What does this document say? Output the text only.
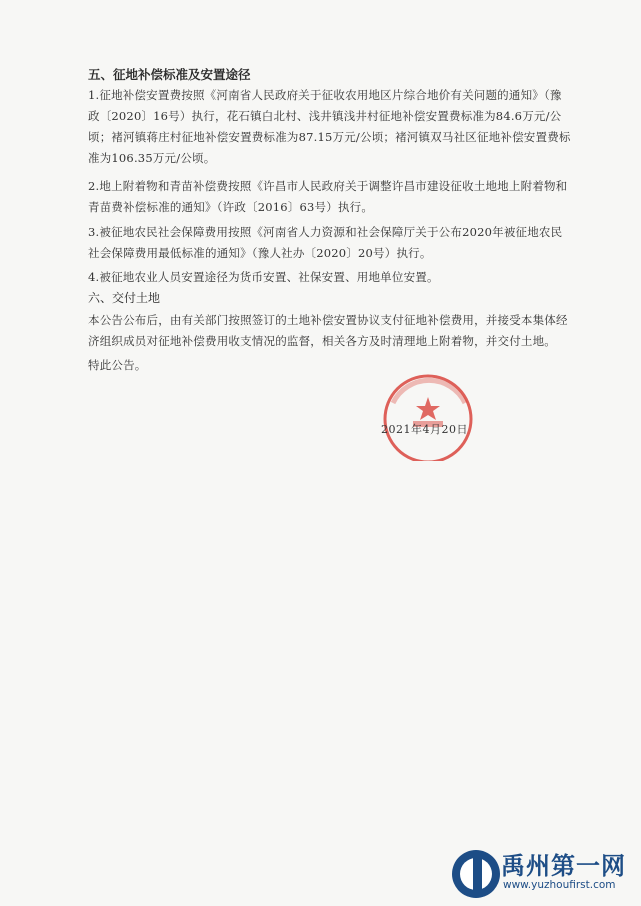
五、征地补偿标准及安置途径
1.征地补偿安置费按照《河南省人民政府关于征收农用地区片综合地价有关问题的通知》（豫政〔2020〕16号）执行，花石镇白北村、浅井镇浅井村征地补偿安置费标准为84.6万元/公顷；褚河镇蒋庄村征地补偿安置费标准为87.15万元/公顷；褚河镇双马社区征地补偿安置费标准为106.35万元/公顷。
2.地上附着物和青苗补偿费按照《许昌市人民政府关于调整许昌市建设征收土地地上附着物和青苗费补偿标准的通知》（许政〔2016〕63号）执行。
3.被征地农民社会保障费用按照《河南省人力资源和社会保障厅关于公布2020年被征地农民社会保障费用最低标准的通知》（豫人社办〔2020〕20号）执行。
4.被征地农业人员安置途径为货币安置、社保安置、用地单位安置。
六、交付土地
本公告公布后，由有关部门按照签订的土地补偿安置协议支付征地补偿费用，并接受本集体经济组织成员对征地补偿费用收支情况的监督，相关各方及时清理地上附着物，并交付土地。
特此公告。
2021年4月20日
禹州第一网
www.yuzhoufirst.com
